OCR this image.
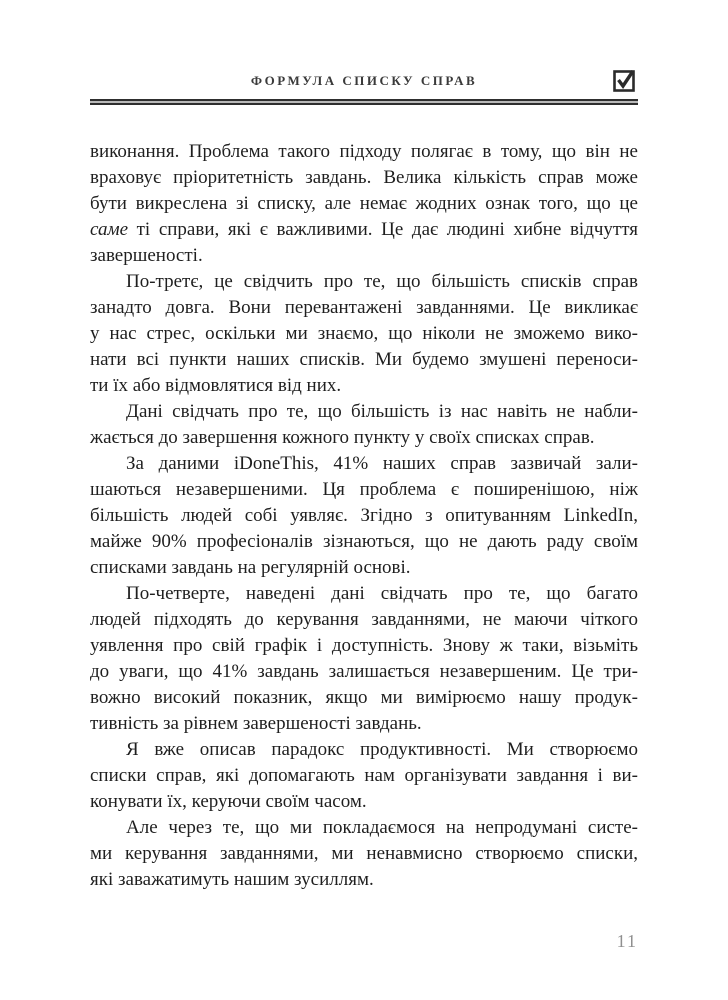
ФОРМУЛА СПИСКУ СПРАВ
виконання. Проблема такого підходу полягає в тому, що він не
враховує пріоритетність завдань. Велика кількість справ може
бути викреслена зі списку, але немає жодних ознак того, що це
саме ті справи, які є важливими. Це дає людині хибне відчуття
завершеності.
По-третє, це свідчить про те, що більшість списків справ
занадто довга. Вони перевантажені завданнями. Це викликає
у нас стрес, оскільки ми знаємо, що ніколи не зможемо вико-
нати всі пункти наших списків. Ми будемо змушені переноси-
ти їх або відмовлятися від них.
Дані свідчать про те, що більшість із нас навіть не набли-
жається до завершення кожного пункту у своїх списках справ.
За даними iDoneThis, 41% наших справ зазвичай зали-
шаються незавершеними. Ця проблема є поширенішою, ніж
більшість людей собі уявляє. Згідно з опитуванням LinkedIn,
майже 90% професіоналів зізнаються, що не дають раду своїм
списками завдань на регулярній основі.
По-четверте, наведені дані свідчать про те, що багато
людей підходять до керування завданнями, не маючи чіткого
уявлення про свій графік і доступність. Знову ж таки, візьміть
до уваги, що 41% завдань залишається незавершеним. Це три-
вожно високий показник, якщо ми вимірюємо нашу продук-
тивність за рівнем завершеності завдань.
Я вже описав парадокс продуктивності. Ми створюємо
списки справ, які допомагають нам організувати завдання і ви-
конувати їх, керуючи своїм часом.
Але через те, що ми покладаємося на непродумані систе-
ми керування завданнями, ми ненавмисно створюємо списки,
які заважатимуть нашим зусиллям.
11
